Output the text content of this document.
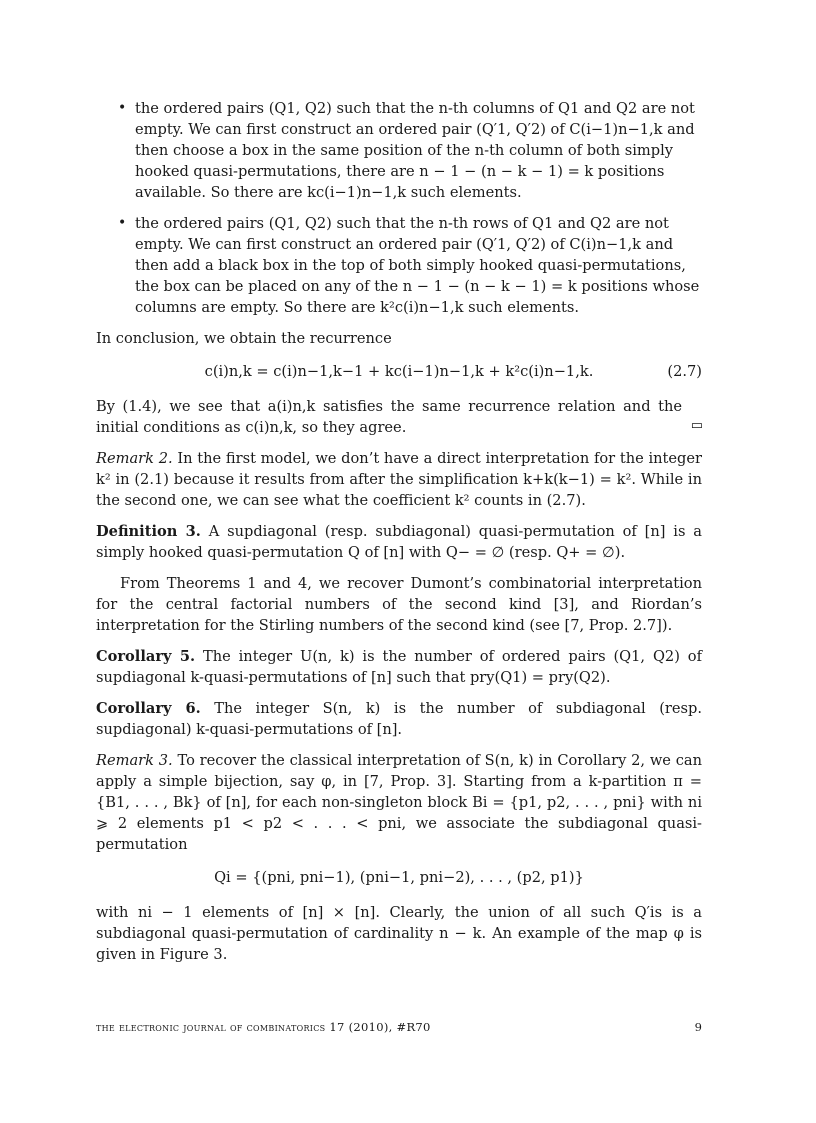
• the ordered pairs (Q1, Q2) such that the n-th columns of Q1 and Q2 are not empty. We can first construct an ordered pair (Q′1, Q′2) of C(i−1)n−1,k and then choose a box in the same position of the n-th column of both simply hooked quasi-permutations, there are n − 1 − (n − k − 1) = k positions available. So there are kc(i−1)n−1,k such elements.
• the ordered pairs (Q1, Q2) such that the n-th rows of Q1 and Q2 are not empty. We can first construct an ordered pair (Q′1, Q′2) of C(i)n−1,k and then add a black box in the top of both simply hooked quasi-permutations, the box can be placed on any of the n − 1 − (n − k − 1) = k positions whose columns are empty. So there are k²c(i)n−1,k such elements.

In conclusion, we obtain the recurrence

c(i)n,k = c(i)n−1,k−1 + kc(i−1)n−1,k + k²c(i)n−1,k.	(2.7)

By (1.4), we see that a(i)n,k satisfies the same recurrence relation and the initial conditions as c(i)n,k, so they agree.	▭

Remark 2. In the first model, we don’t have a direct interpretation for the integer k² in (2.1) because it results from after the simplification k+k(k−1) = k². While in the second one, we can see what the coefficient k² counts in (2.7).

Definition 3. A supdiagonal (resp. subdiagonal) quasi-permutation of [n] is a simply hooked quasi-permutation Q of [n] with Q− = ∅ (resp. Q+ = ∅).

From Theorems 1 and 4, we recover Dumont’s combinatorial interpretation for the central factorial numbers of the second kind [3], and Riordan’s interpretation for the Stirling numbers of the second kind (see [7, Prop. 2.7]).

Corollary 5. The integer U(n, k) is the number of ordered pairs (Q1, Q2) of supdiagonal k-quasi-permutations of [n] such that pry(Q1) = pry(Q2).

Corollary 6. The integer S(n, k) is the number of subdiagonal (resp. supdiagonal) k-quasi-permutations of [n].

Remark 3. To recover the classical interpretation of S(n, k) in Corollary 2, we can apply a simple bijection, say φ, in [7, Prop. 3]. Starting from a k-partition π = {B1, . . . , Bk} of [n], for each non-singleton block Bi = {p1, p2, . . . , pni} with ni ⩾ 2 elements p1 < p2 < . . . < pni, we associate the subdiagonal quasi-permutation

Qi = {(pni, pni−1), (pni−1, pni−2), . . . , (p2, p1)}

with ni − 1 elements of [n] × [n]. Clearly, the union of all such Q′is is a subdiagonal quasi-permutation of cardinality n − k. An example of the map φ is given in Figure 3.

the electronic journal of combinatorics 17 (2010), #R70	9
